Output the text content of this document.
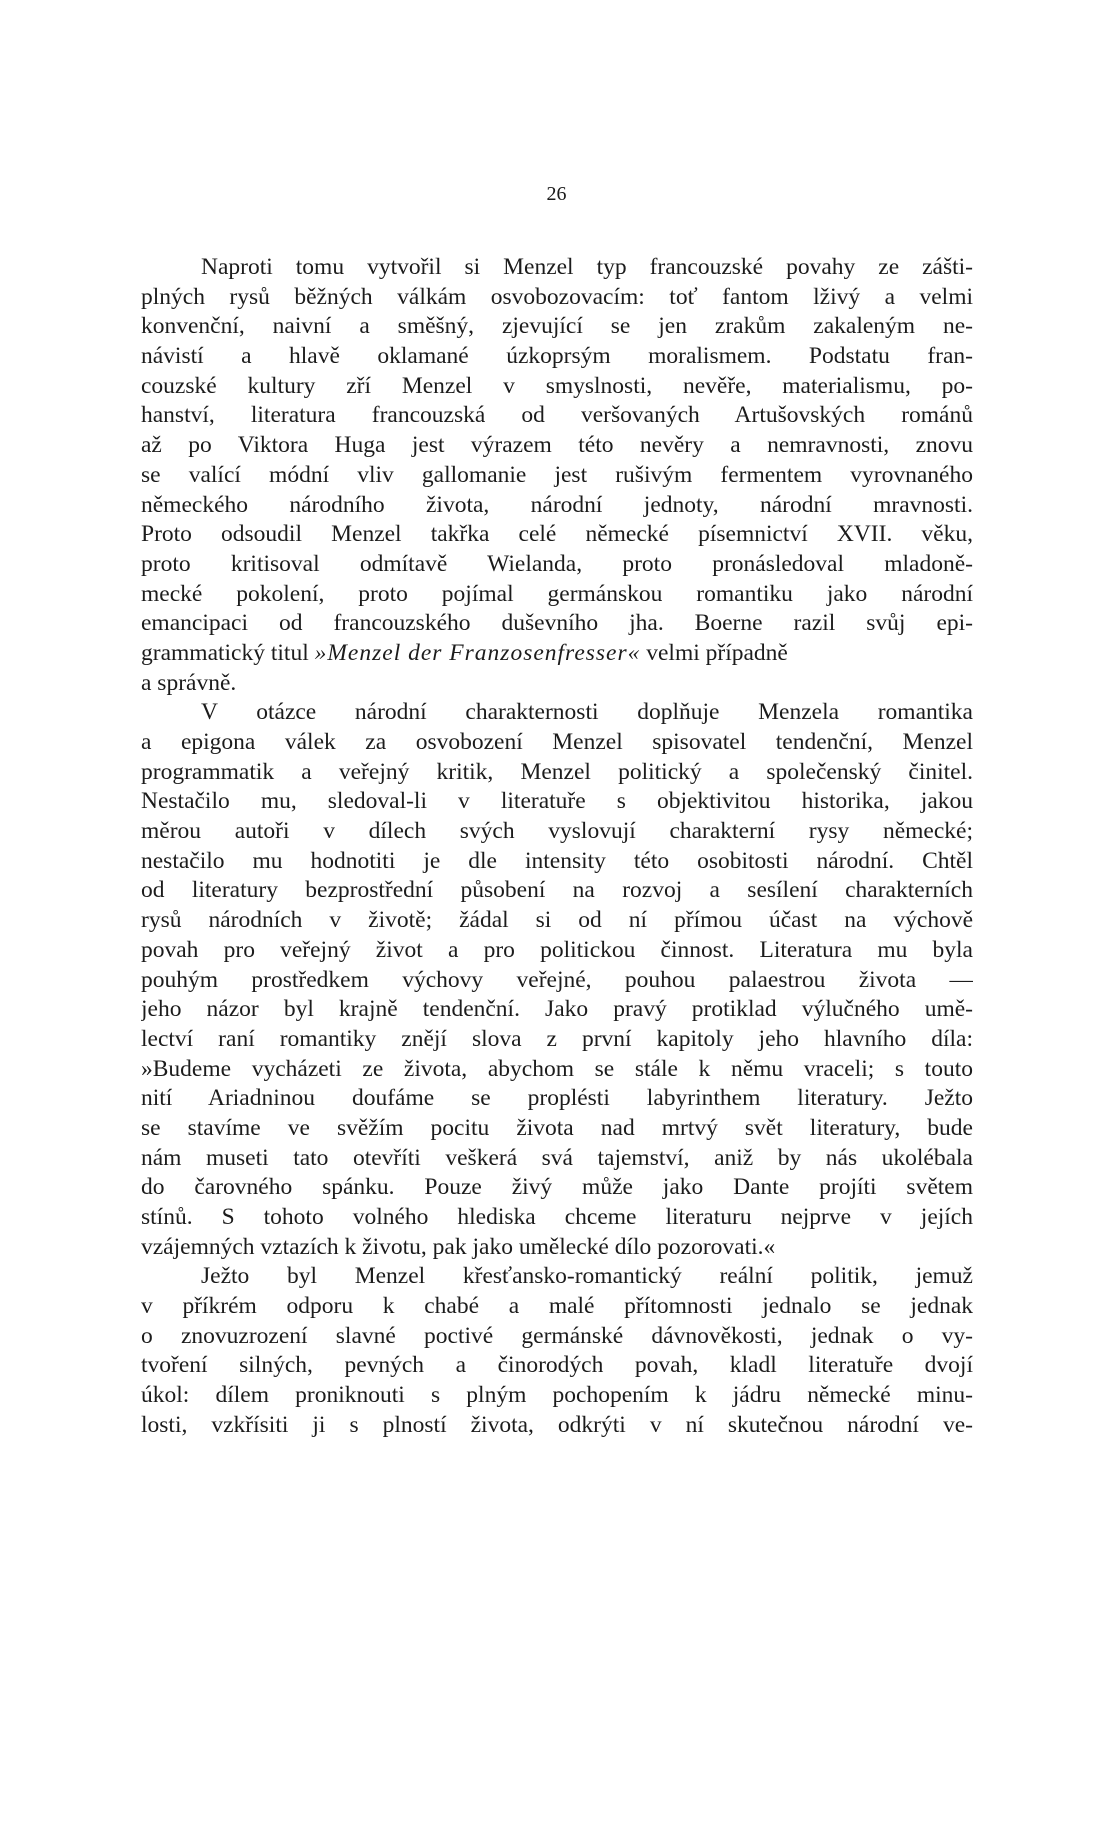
26
Naproti tomu vytvořil si Menzel typ francouzské povahy ze zášti-
plných rysů běžných válkám osvobozovacím: toť fantom lživý a velmi
konvenční, naivní a směšný, zjevující se jen zrakům zakaleným ne-
návistí a hlavě oklamané úzkoprsým moralismem. Podstatu fran-
couzské kultury zří Menzel v smyslnosti, nevěře, materialismu, po-
hanství, literatura francouzská od veršovaných Artušovských románů
až po Viktora Huga jest výrazem této nevěry a nemravnosti, znovu
se valící módní vliv gallomanie jest rušivým fermentem vyrovnaného
německého národního života, národní jednoty, národní mravnosti.
Proto odsoudil Menzel takřka celé německé písemnictví XVII. věku,
proto kritisoval odmítavě Wielanda, proto pronásledoval mladoně-
mecké pokolení, proto pojímal germánskou romantiku jako národní
emancipaci od francouzského duševního jha. Boerne razil svůj epi-
grammatický titul »Menzel der Franzosenfresser« velmi případně
a správně.
V otázce národní charakternosti doplňuje Menzela romantika
a epigona válek za osvobození Menzel spisovatel tendenční, Menzel
programmatik a veřejný kritik, Menzel politický a společenský činitel.
Nestačilo mu, sledoval-li v literatuře s objektivitou historika, jakou
měrou autoři v dílech svých vyslovují charakterní rysy německé;
nestačilo mu hodnotiti je dle intensity této osobitosti národní. Chtěl
od literatury bezprostřední působení na rozvoj a sesílení charakterních
rysů národních v životě; žádal si od ní přímou účast na výchově
povah pro veřejný život a pro politickou činnost. Literatura mu byla
pouhým prostředkem výchovy veřejné, pouhou palaestrou života —
jeho názor byl krajně tendenční. Jako pravý protiklad výlučného umě-
lectví raní romantiky znějí slova z první kapitoly jeho hlavního díla:
»Budeme vycházeti ze života, abychom se stále k němu vraceli; s touto
nití Ariadninou doufáme se proplésti labyrinthem literatury. Ježto
se stavíme ve svěžím pocitu života nad mrtvý svět literatury, bude
nám museti tato otevříti veškerá svá tajemství, aniž by nás ukolébala
do čarovného spánku. Pouze živý může jako Dante projíti světem
stínů. S tohoto volného hlediska chceme literaturu nejprve v jejích
vzájemných vztazích k životu, pak jako umělecké dílo pozorovati.«
Ježto byl Menzel křesťansko-romantický reální politik, jemuž
v příkrém odporu k chabé a malé přítomnosti jednalo se jednak
o znovuzrození slavné poctivé germánské dávnověkosti, jednak o vy-
tvoření silných, pevných a činorodých povah, kladl literatuře dvojí
úkol: dílem proniknouti s plným pochopením k jádru německé minu-
losti, vzkřísiti ji s plností života, odkrýti v ní skutečnou národní ve-
